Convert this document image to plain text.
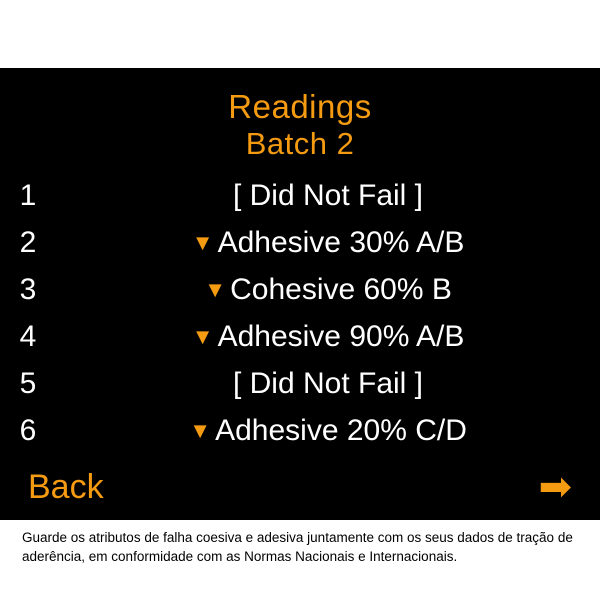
Readings
Batch 2
1	[ Did Not Fail ]
2	▼ Adhesive 30% A/B
3	▼ Cohesive 60% B
4	▼ Adhesive 90% A/B
5	[ Did Not Fail ]
6	▼ Adhesive 20% C/D
Back	➡
Guarde os atributos de falha coesiva e adesiva juntamente com os seus dados de tração de aderência, em conformidade com as Normas Nacionais e Internacionais.
